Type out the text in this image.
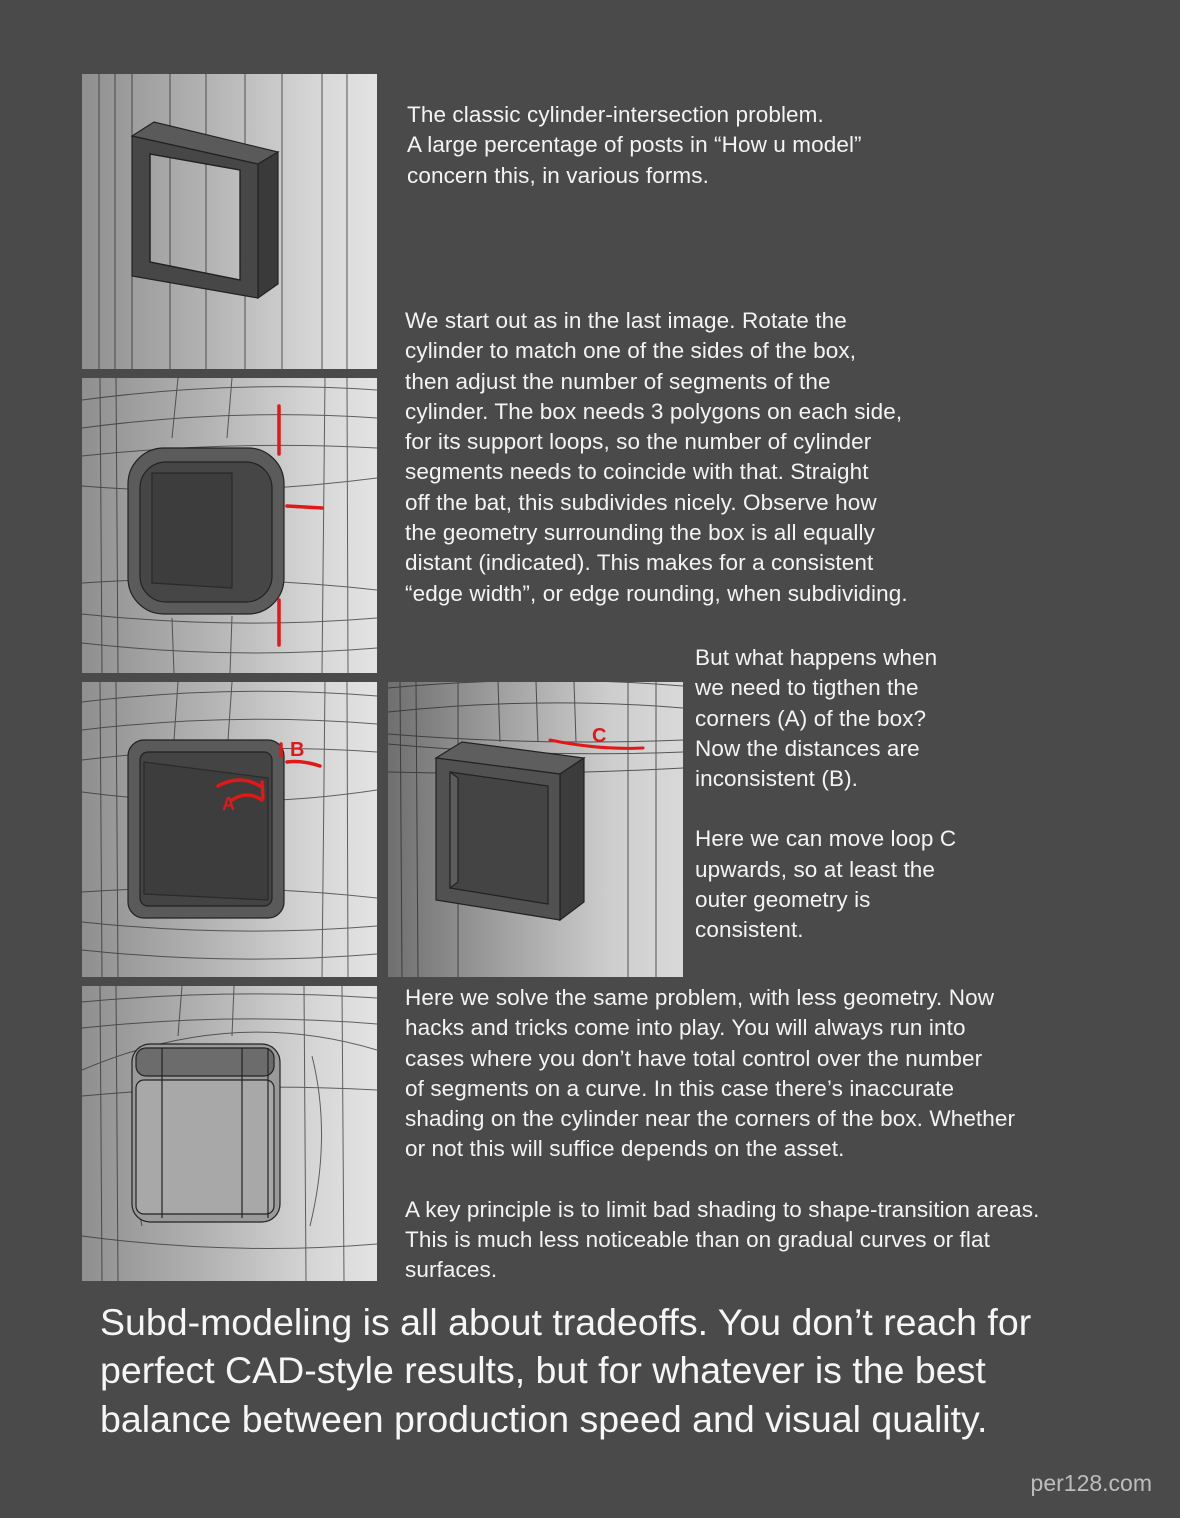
B
A
C

The classic cylinder-intersection problem.

A large percentage of posts in “How u model”

concern this, in various forms.

We start out as in the last image. Rotate the

cylinder to match one of the sides of the box,

then adjust the number of segments of the

cylinder. The box needs 3 polygons on each side,

for its support loops, so the number of cylinder

segments needs to coincide with that. Straight

off the bat, this subdivides nicely. Observe how

the geometry surrounding the box is all equally

distant (indicated). This makes for a consistent

“edge width”, or edge rounding, when subdividing.

But what happens when

we need to tigthen the

corners (A) of the box?

Now the distances are

inconsistent (B).

Here we can move loop C

upwards, so at least the

outer geometry is

consistent.

Here we solve the same problem, with less geometry. Now

hacks and tricks come into play. You will always run into

cases where you don’t have total control over the number

of segments on a curve. In this case there’s inaccurate

shading on the cylinder near the corners of the box. Whether

or not this will suffice depends on the asset.

A key principle is to limit bad shading to shape-transition areas.

This is much less noticeable than on gradual curves or flat

surfaces.

Subd-modeling is all about tradeoffs. You don’t reach for
perfect CAD-style results, but for whatever is the best
balance between production speed and visual quality.

per128.com
